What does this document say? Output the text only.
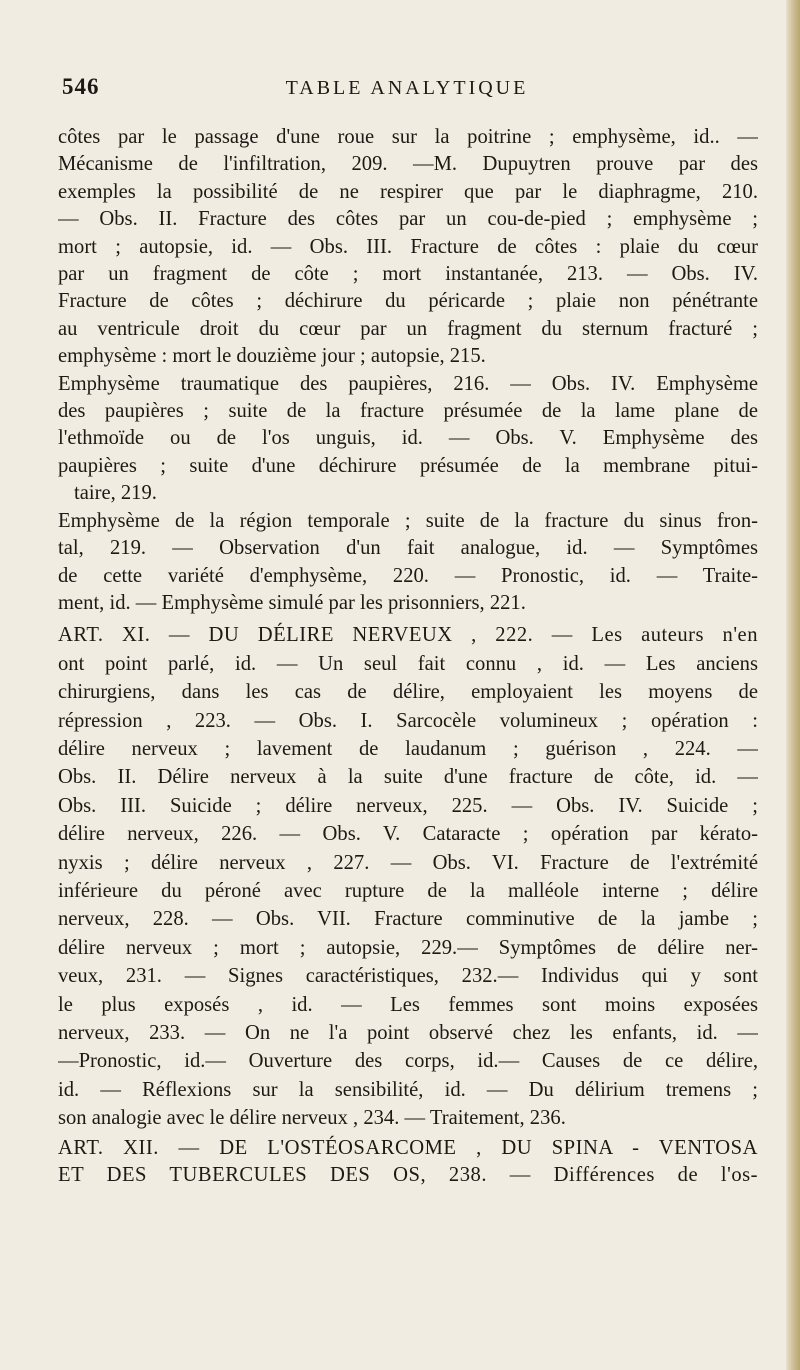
546	TABLE ANALYTIQUE
côtes par le passage d'une roue sur la poitrine ; emphysème, id.. —
Mécanisme de l'infiltration, 209. —M. Dupuytren prouve par des
exemples la possibilité de ne respirer que par le diaphragme, 210.
— Obs. II. Fracture des côtes par un cou-de-pied ; emphysème ;
mort ; autopsie, id. — Obs. III. Fracture de côtes : plaie du cœur
par un fragment de côte ; mort instantanée, 213. — Obs. IV.
Fracture de côtes ; déchirure du péricarde ; plaie non pénétrante
au ventricule droit du cœur par un fragment du sternum fracturé ;
emphysème : mort le douzième jour ; autopsie, 215.
Emphysème traumatique des paupières, 216. — Obs. IV. Emphysème
des paupières ; suite de la fracture présumée de la lame plane de
l'ethmoïde ou de l'os unguis, id. — Obs. V. Emphysème des
paupières ; suite d'une déchirure présumée de la membrane pitui-
taire, 219.
Emphysème de la région temporale ; suite de la fracture du sinus fron-
tal, 219. — Observation d'un fait analogue, id. — Symptômes
de cette variété d'emphysème, 220. — Pronostic, id. — Traite-
ment, id. — Emphysème simulé par les prisonniers, 221.
ART. XI. — DU DÉLIRE NERVEUX , 222. — Les auteurs n'en
ont point parlé, id. — Un seul fait connu , id. — Les anciens
chirurgiens, dans les cas de délire, employaient les moyens de
répression , 223. — Obs. I. Sarcocèle volumineux ; opération :
délire nerveux ; lavement de laudanum ; guérison , 224. —
Obs. II. Délire nerveux à la suite d'une fracture de côte, id. —
Obs. III. Suicide ; délire nerveux, 225. — Obs. IV. Suicide ;
délire nerveux, 226. — Obs. V. Cataracte ; opération par kérato-
nyxis ; délire nerveux , 227. — Obs. VI. Fracture de l'extrémité
inférieure du péroné avec rupture de la malléole interne ; délire
nerveux, 228. — Obs. VII. Fracture comminutive de la jambe ;
délire nerveux ; mort ; autopsie, 229.— Symptômes de délire ner-
veux, 231. — Signes caractéristiques, 232.— Individus qui y sont
le plus exposés , id. — Les femmes sont moins exposées
nerveux, 233. — On ne l'a point observé chez les enfants, id. —
—Pronostic, id.— Ouverture des corps, id.— Causes de ce délire,
id. — Réflexions sur la sensibilité, id. — Du délirium tremens ;
son analogie avec le délire nerveux , 234. — Traitement, 236.
ART. XII. — DE L'OSTÉOSARCOME , DU SPINA - VENTOSA
ET DES TUBERCULES DES OS, 238. — Différences de l'os-
